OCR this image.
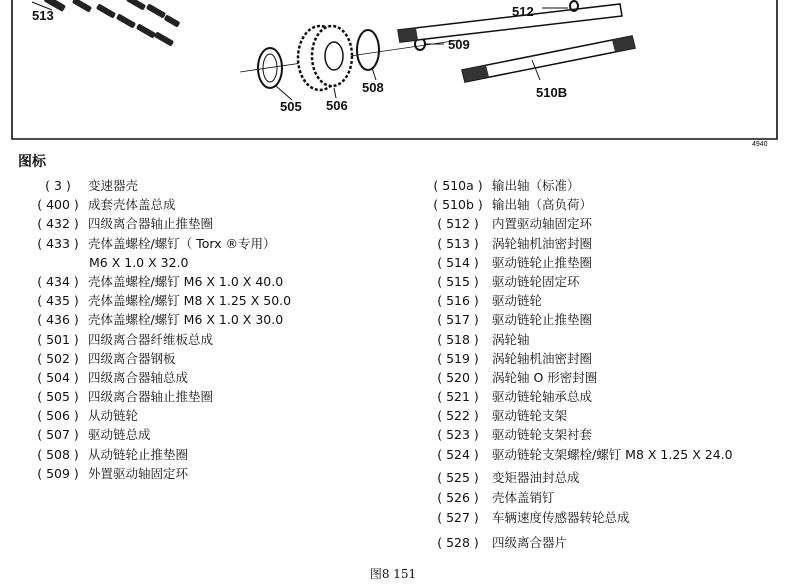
513
505 506
508
509
512
510B
4940
图标
( 3 ) 变速器壳
( 400 ) 成套壳体盖总成
( 432 ) 四级离合器轴止推垫圈
( 433 ) 壳体盖螺栓/螺钉（ Torx ®专用）
M6 X 1.0 X 32.0
( 434 ) 壳体盖螺栓/螺钉 M6 X 1.0 X 40.0
( 435 ) 壳体盖螺栓/螺钉 M8 X 1.25 X 50.0
( 436 ) 壳体盖螺栓/螺钉 M6 X 1.0 X 30.0
( 501 ) 四级离合器纤维板总成
( 502 ) 四级离合器钢板
( 504 ) 四级离合器轴总成
( 505 ) 四级离合器轴止推垫圈
( 506 ) 从动链轮
( 507 ) 驱动链总成
( 508 ) 从动链轮止推垫圈
( 509 ) 外置驱动轴固定环
( 510a ) 输出轴（标准）
( 510b ) 输出轴（高负荷）
( 512 ) 内置驱动轴固定环
( 513 ) 涡轮轴机油密封圈
( 514 ) 驱动链轮止推垫圈
( 515 ) 驱动链轮固定环
( 516 ) 驱动链轮
( 517 ) 驱动链轮止推垫圈
( 518 ) 涡轮轴
( 519 ) 涡轮轴机油密封圈
( 520 ) 涡轮轴 O 形密封圈
( 521 ) 驱动链轮轴承总成
( 522 ) 驱动链轮支架
( 523 ) 驱动链轮支架衬套
( 524 ) 驱动链轮支架螺栓/螺钉 M8 X 1.25 X 24.0
( 525 ) 变矩器油封总成
( 526 ) 壳体盖销钉
( 527 ) 车辆速度传感器转轮总成
( 528 ) 四级离合器片
图8 151
